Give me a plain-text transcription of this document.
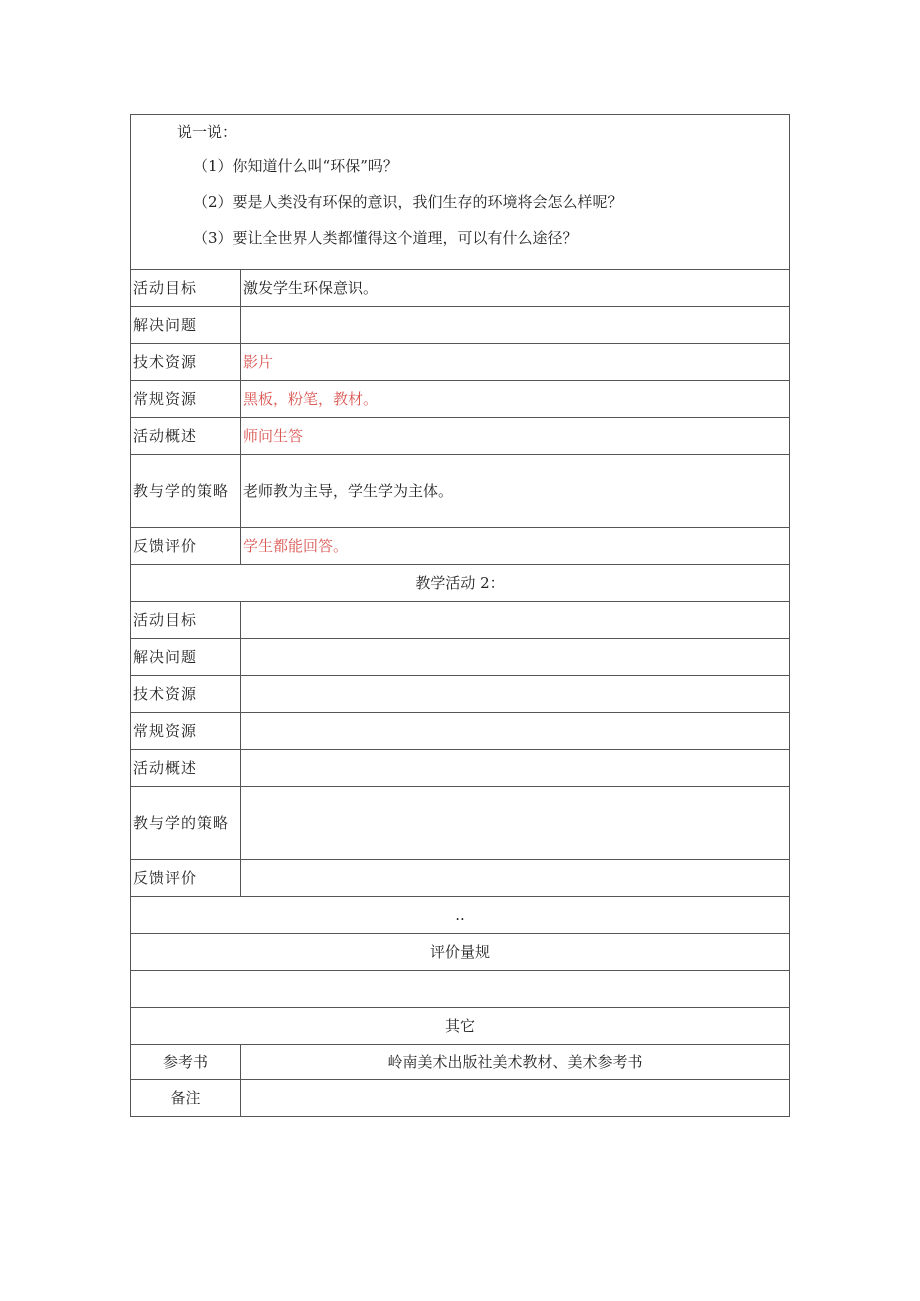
说一说：

（1）你知道什么叫“环保”吗？

（2）要是人类没有环保的意识，我们生存的环境将会怎么样呢？

（3）要让全世界人类都懂得这个道理，可以有什么途径？	

活动目标	激发学生环保意识。
解决问题	
技术资源	影片
常规资源	黑板，粉笔，教材。
活动概述	师问生答
教与学的策略	老师教为主导，学生学为主体。
反馈评价	学生都能回答。
教学活动 2：	
活动目标	
解决问题	
技术资源	
常规资源	
活动概述	
教与学的策略	
反馈评价	
..	
评价量规	

其它	
参考书	岭南美术出版社美术教材、美术参考书
备注	
